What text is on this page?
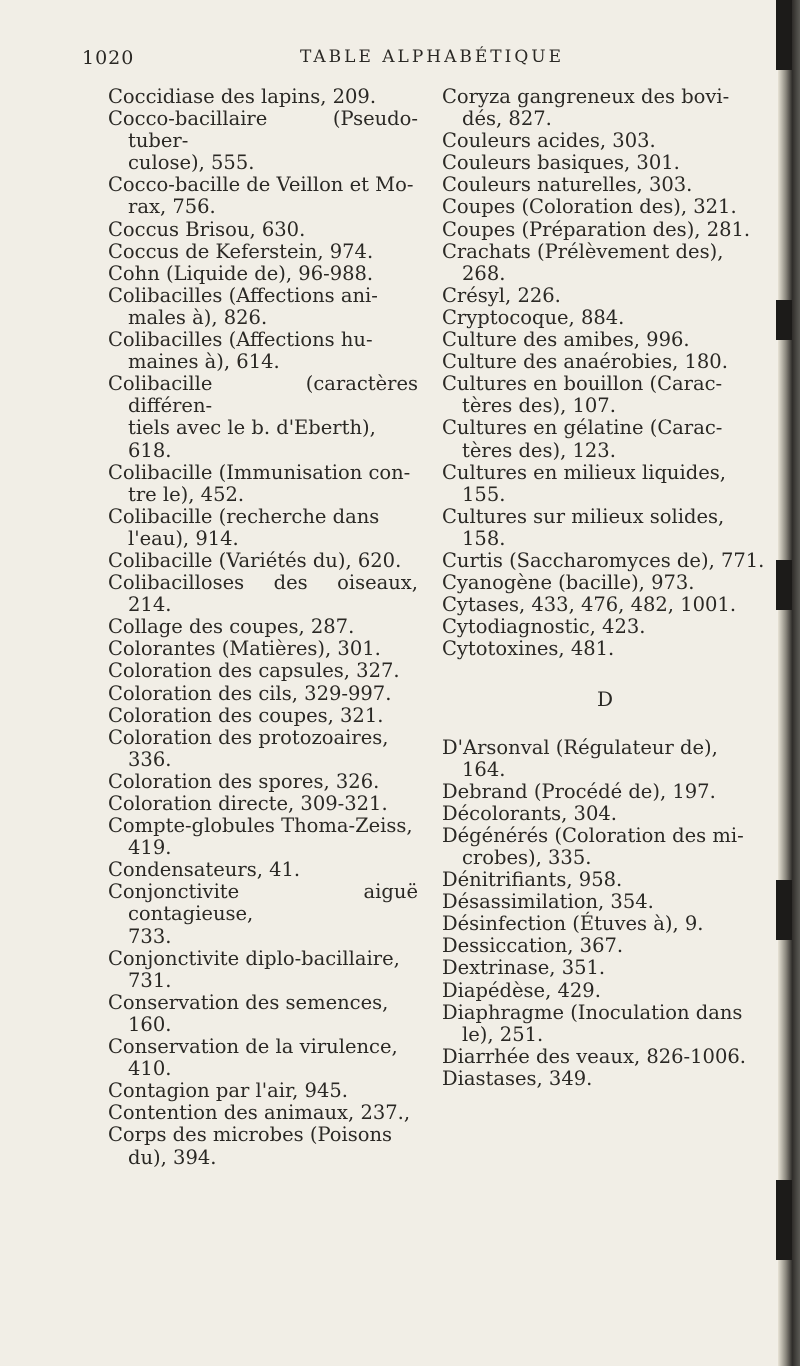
1020	TABLE ALPHABÉTIQUE
Coccidiase des lapins, 209.
Cocco-bacillaire (Pseudo-tuber-
culose), 555.
Cocco-bacille de Veillon et Mo-
rax, 756.
Coccus Brisou, 630.
Coccus de Keferstein, 974.
Cohn (Liquide de), 96-988.
Colibacilles (Affections ani-
males à), 826.
Colibacilles (Affections hu-
maines à), 614.
Colibacille (caractères différen-
tiels avec le b. d'Eberth),
618.
Colibacille (Immunisation con-
tre le), 452.
Colibacille (recherche dans
l'eau), 914.
Colibacille (Variétés du), 620.
Colibacilloses des oiseaux, 214.
Collage des coupes, 287.
Colorantes (Matières), 301.
Coloration des capsules, 327.
Coloration des cils, 329-997.
Coloration des coupes, 321.
Coloration des protozoaires,
336.
Coloration des spores, 326.
Coloration directe, 309-321.
Compte-globules Thoma-Zeiss,
419.
Condensateurs, 41.
Conjonctivite aiguë contagieuse,
733.
Conjonctivite diplo-bacillaire,
731.
Conservation des semences,
160.
Conservation de la virulence,
410.
Contagion par l'air, 945.
Contention des animaux, 237.,
Corps des microbes (Poisons
du), 394.
Coryza gangreneux des bovi-
dés, 827.
Couleurs acides, 303.
Couleurs basiques, 301.
Couleurs naturelles, 303.
Coupes (Coloration des), 321.
Coupes (Préparation des), 281.
Crachats (Prélèvement des),
268.
Crésyl, 226.
Cryptocoque, 884.
Culture des amibes, 996.
Culture des anaérobies, 180.
Cultures en bouillon (Carac-
tères des), 107.
Cultures en gélatine (Carac-
tères des), 123.
Cultures en milieux liquides,
155.
Cultures sur milieux solides,
158.
Curtis (Saccharomyces de), 771.
Cyanogène (bacille), 973.
Cytases, 433, 476, 482, 1001.
Cytodiagnostic, 423.
Cytotoxines, 481.
D
D'Arsonval (Régulateur de),
164.
Debrand (Procédé de), 197.
Décolorants, 304.
Dégénérés (Coloration des mi-
crobes), 335.
Dénitrifiants, 958.
Désassimilation, 354.
Désinfection (Étuves à), 9.
Dessiccation, 367.
Dextrinase, 351.
Diapédèse, 429.
Diaphragme (Inoculation dans
le), 251.
Diarrhée des veaux, 826-1006.
Diastases, 349.
